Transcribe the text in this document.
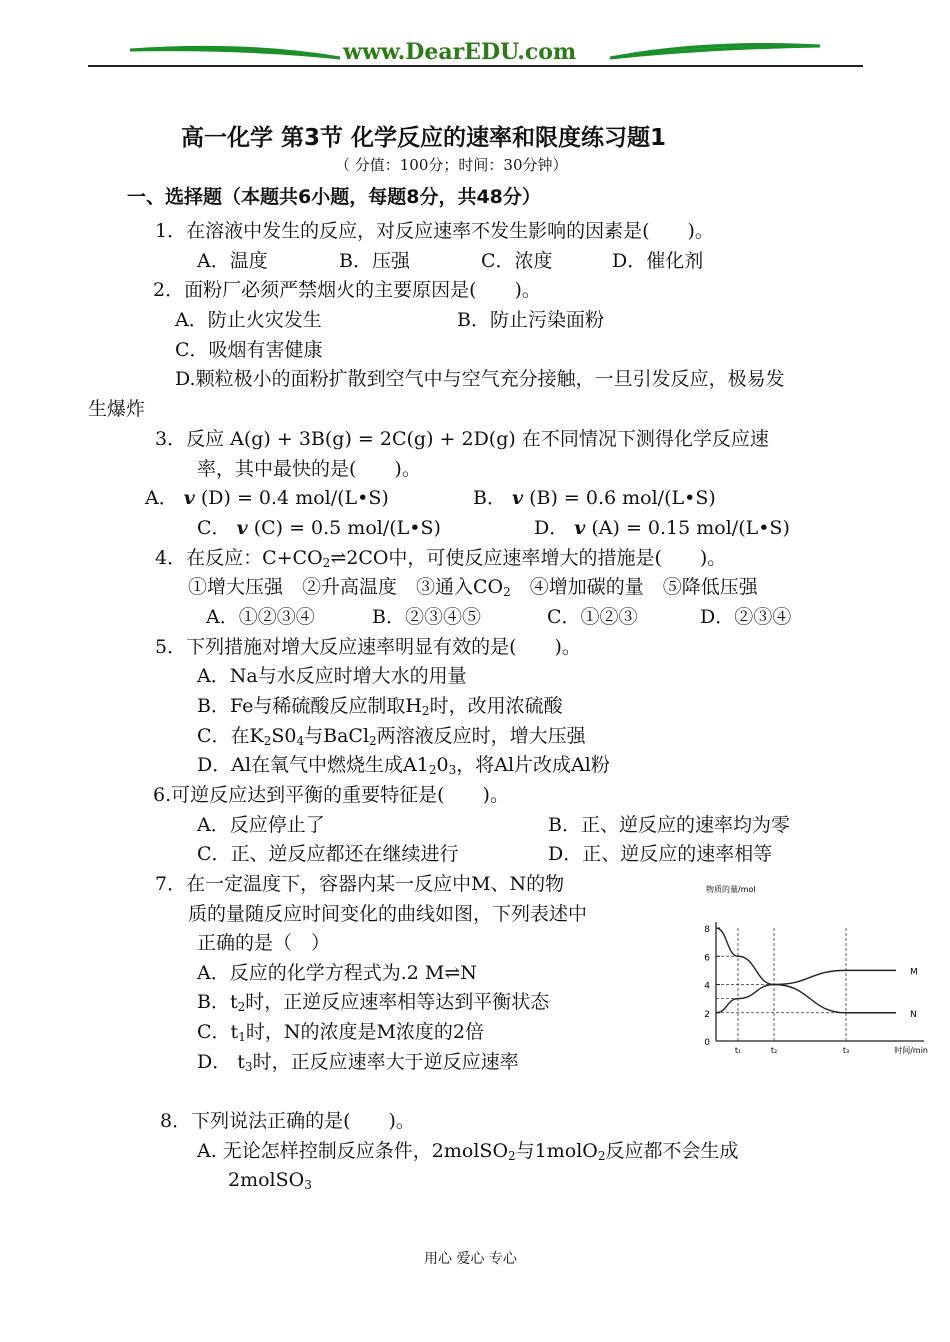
www.DearEDU.com
高一化学 第3节 化学反应的速率和限度练习题1
（ 分值：100分；时间：30分钟）
一、选择题（本题共6小题，每题8分，共48分）
1．在溶液中发生的反应，对反应速率不发生影响的因素是(　　)。
A．温度	B．压强	C．浓度	D．催化剂
2．面粉厂必须严禁烟火的主要原因是(　　)。
A．防止火灾发生	B．防止污染面粉
C．吸烟有害健康
D.颗粒极小的面粉扩散到空气中与空气充分接触，一旦引发反应，极易发
生爆炸
3．反应 A(g) + 3B(g) = 2C(g) + 2D(g) 在不同情况下测得化学反应速
率，其中最快的是(　　)。
A． v (D) = 0.4 mol/(L•S)	B． v (B) = 0.6 mol/(L•S)
C． v (C) = 0.5 mol/(L•S)	D． v (A) = 0.15 mol/(L•S)
4．在反应：$C+CO_2\rightleftharpoons 2CO$中，可使反应速率增大的措施是(　　)。
①增大压强　②升高温度　③通入$CO_2$　④增加碳的量　⑤降低压强
A．①②③④	B．②③④⑤	C．①②③	D．②③④
5．下列措施对增大反应速率明显有效的是(　　)。
A．Na与水反应时增大水的用量
B．Fe与稀硫酸反应制取$H_2$时，改用浓硫酸
C．在$K_2S0_4$与BaCl$_2$两溶液反应时，增大压强
D．Al在氧气中燃烧生成$A1_20_3$，将Al片改成Al粉
6.可逆反应达到平衡的重要特征是(　　)。
A．反应停止了	B．正、逆反应的速率均为零
C．正、逆反应都还在继续进行	D．正、逆反应的速率相等
7．在一定温度下，容器内某一反应中M、N的物
质的量随反应时间变化的曲线如图，下列表述中
正确的是（　）
A．反应的化学方程式为.2 M⇌N
B．$t_2$时，正逆反应速率相等达到平衡状态
C．$t_1$时，N的浓度是M浓度的2倍
D． $t_3$时，正反应速率大于逆反应速率
0
2
4
6
8
t₁	t₂	t₃
M
N
物质的量/mol
时间/min
8．下列说法正确的是(　　)。
A. 无论怎样控制反应条件，2molSO$_2$与1molO$_2$反应都不会生成
2molSO$_3$
用心 爱心 专心
